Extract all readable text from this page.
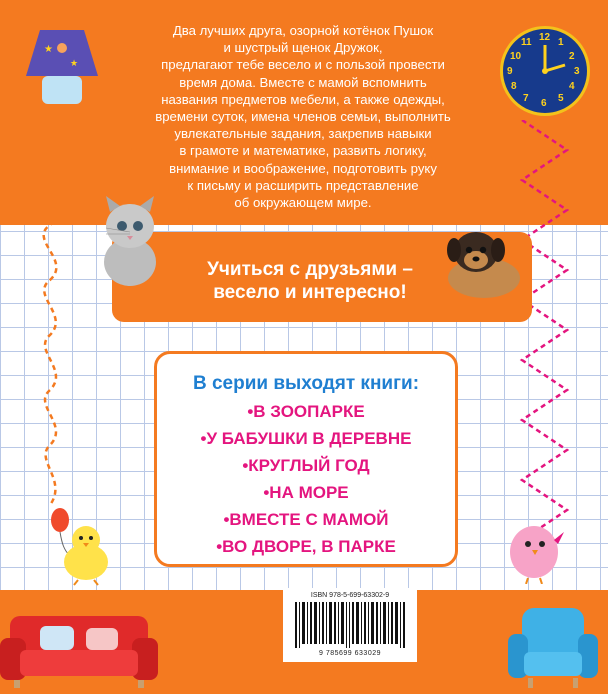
★
★
12 1
2
3
4
5
6
7
8
9
10
11
Два лучших друга, озорной котёнок Пушок
и шустрый щенок Дружок,
предлагают тебе весело и с пользой провести
время дома. Вместе с мамой вспомнить
названия предметов мебели, а также одежды,
времени суток, имена членов семьи, выполнить
увлекательные задания, закрепив навыки
в грамоте и математике, развить логику,
внимание и воображение, подготовить руку
к письму и расширить представление
об окружающем мире.
Учиться с друзьями –
весело и интересно!
В серии выходят книги:
•В ЗООПАРКЕ
•У БАБУШКИ В ДЕРЕВНЕ
•КРУГЛЫЙ ГОД
•НА МОРЕ
•ВМЕСТЕ С МАМОЙ
•ВО ДВОРЕ, В ПАРКЕ
ISBN 978-5-699-63302-9
9 785699 633029
